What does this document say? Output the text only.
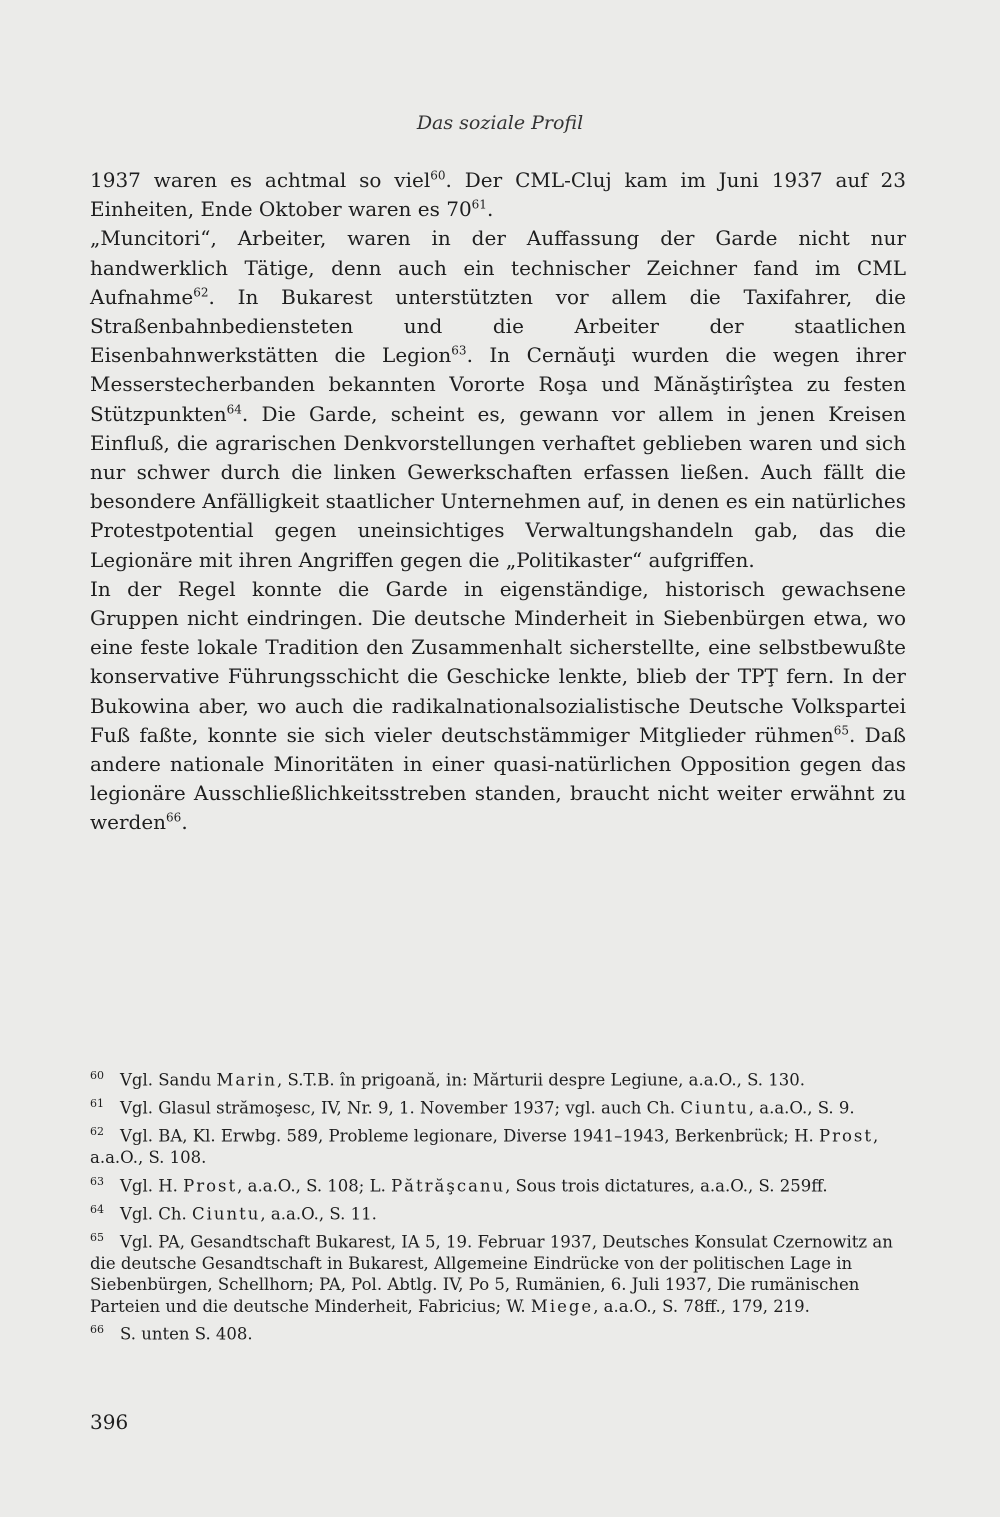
Das soziale Profil

1937 waren es achtmal so viel$^{60}$. Der CML-Cluj kam im Juni 1937 auf 23 Einheiten, Ende Oktober waren es $70^{61}$.

„Muncitori“, Arbeiter, waren in der Auffassung der Garde nicht nur handwerklich Tätige, denn auch ein technischer Zeichner fand im CML Aufnahme$^{62}$. In Bukarest unterstützten vor allem die Taxifahrer, die Straßenbahnbediensteten und die Arbeiter der staatlichen Eisenbahnwerkstätten die Legion$^{63}$. In Cernăuţi wurden die wegen ihrer Messerstecherbanden bekannten Vororte Roşa und Mănăştirîştea zu festen Stützpunkten$^{64}$. Die Garde, scheint es, gewann vor allem in jenen Kreisen Einfluß, die agrarischen Denkvorstellungen verhaftet geblieben waren und sich nur schwer durch die linken Gewerkschaften erfassen ließen. Auch fällt die besondere Anfälligkeit staatlicher Unternehmen auf, in denen es ein natürliches Protestpotential gegen uneinsichtiges Verwaltungshandeln gab, das die Legionäre mit ihren Angriffen gegen die „Politikaster“ aufgriffen.

In der Regel konnte die Garde in eigenständige, historisch gewachsene Gruppen nicht eindringen. Die deutsche Minderheit in Siebenbürgen etwa, wo eine feste lokale Tradition den Zusammenhalt sicherstellte, eine selbstbewußte konservative Führungsschicht die Geschicke lenkte, blieb der TPŢ fern. In der Bukowina aber, wo auch die radikalnationalsozialistische Deutsche Volkspartei Fuß faßte, konnte sie sich vieler deutschstämmiger Mitglieder rühmen$^{65}$. Daß andere nationale Minoritäten in einer quasi-natürlichen Opposition gegen das legionäre Ausschließlichkeitsstreben standen, braucht nicht weiter erwähnt zu werden$^{66}$.

$^{60}$ Vgl. Sandu Marin, S.T.B. în prigoană, in: Mărturii despre Legiune, a.a.O., S. 130.
$^{61}$ Vgl. Glasul strămoşesc, IV, Nr. 9, 1. November 1937; vgl. auch Ch. Ciuntu, a.a.O., S. 9.
$^{62}$ Vgl. BA, Kl. Erwbg. 589, Probleme legionare, Diverse 1941–1943, Berkenbrück; H. Prost, a.a.O., S. 108.
$^{63}$ Vgl. H. Prost, a.a.O., S. 108; L. Pătrăşcanu, Sous trois dictatures, a.a.O., S. 259ff.
$^{64}$ Vgl. Ch. Ciuntu, a.a.O., S. 11.
$^{65}$ Vgl. PA, Gesandtschaft Bukarest, IA 5, 19. Februar 1937, Deutsches Konsulat Czernowitz an die deutsche Gesandtschaft in Bukarest, Allgemeine Eindrücke von der politischen Lage in Siebenbürgen, Schellhorn; PA, Pol. Abtlg. IV, Po 5, Rumänien, 6. Juli 1937, Die rumänischen Parteien und die deutsche Minderheit, Fabricius; W. Miege, a.a.O., S. 78ff., 179, 219.
$^{66}$ S. unten S. 408.
396
